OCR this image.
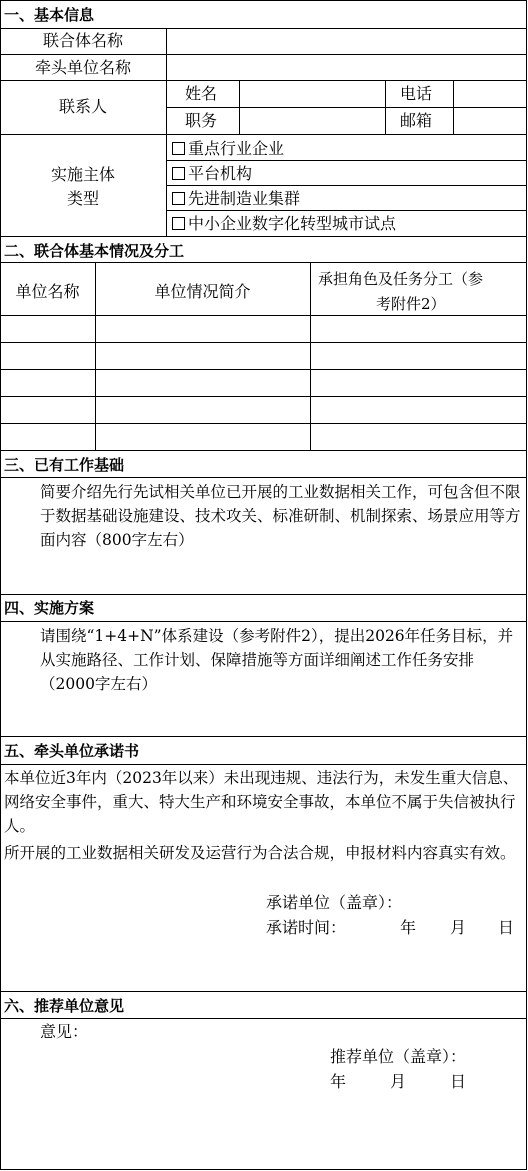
一、基本信息
联合体名称
牵头单位名称
联系人
姓名	电话
职务	邮箱
实施主体
类型
重点行业企业
平台机构
先进制造业集群
中小企业数字化转型城市试点
二、联合体基本情况及分工
单位名称	单位情况简介
承担角色及任务分工（参
考附件2）
三、已有工作基础
简要介绍先行先试相关单位已开展的工业数据相关工作，可包含但不限于数据基础设施建设、技术攻关、标准研制、机制探索、场景应用等方面内容（800字左右）
四、实施方案
请围绕“1+4+N”体系建设（参考附件2），提出2026年任务目标，并从实施路径、工作计划、保障措施等方面详细阐述工作任务安排（2000字左右）
五、牵头单位承诺书
本单位近3年内（2023年以来）未出现违规、违法行为，未发生重大信息、网络安全事件，重大、特大生产和环境安全事故，本单位不属于失信被执行人。
所开展的工业数据相关研发及运营行为合法合规，申报材料内容真实有效。
承诺单位（盖章）：
承诺时间：	年 月 日
六、推荐单位意见
意见：
推荐单位（盖章）：
年	月	日
